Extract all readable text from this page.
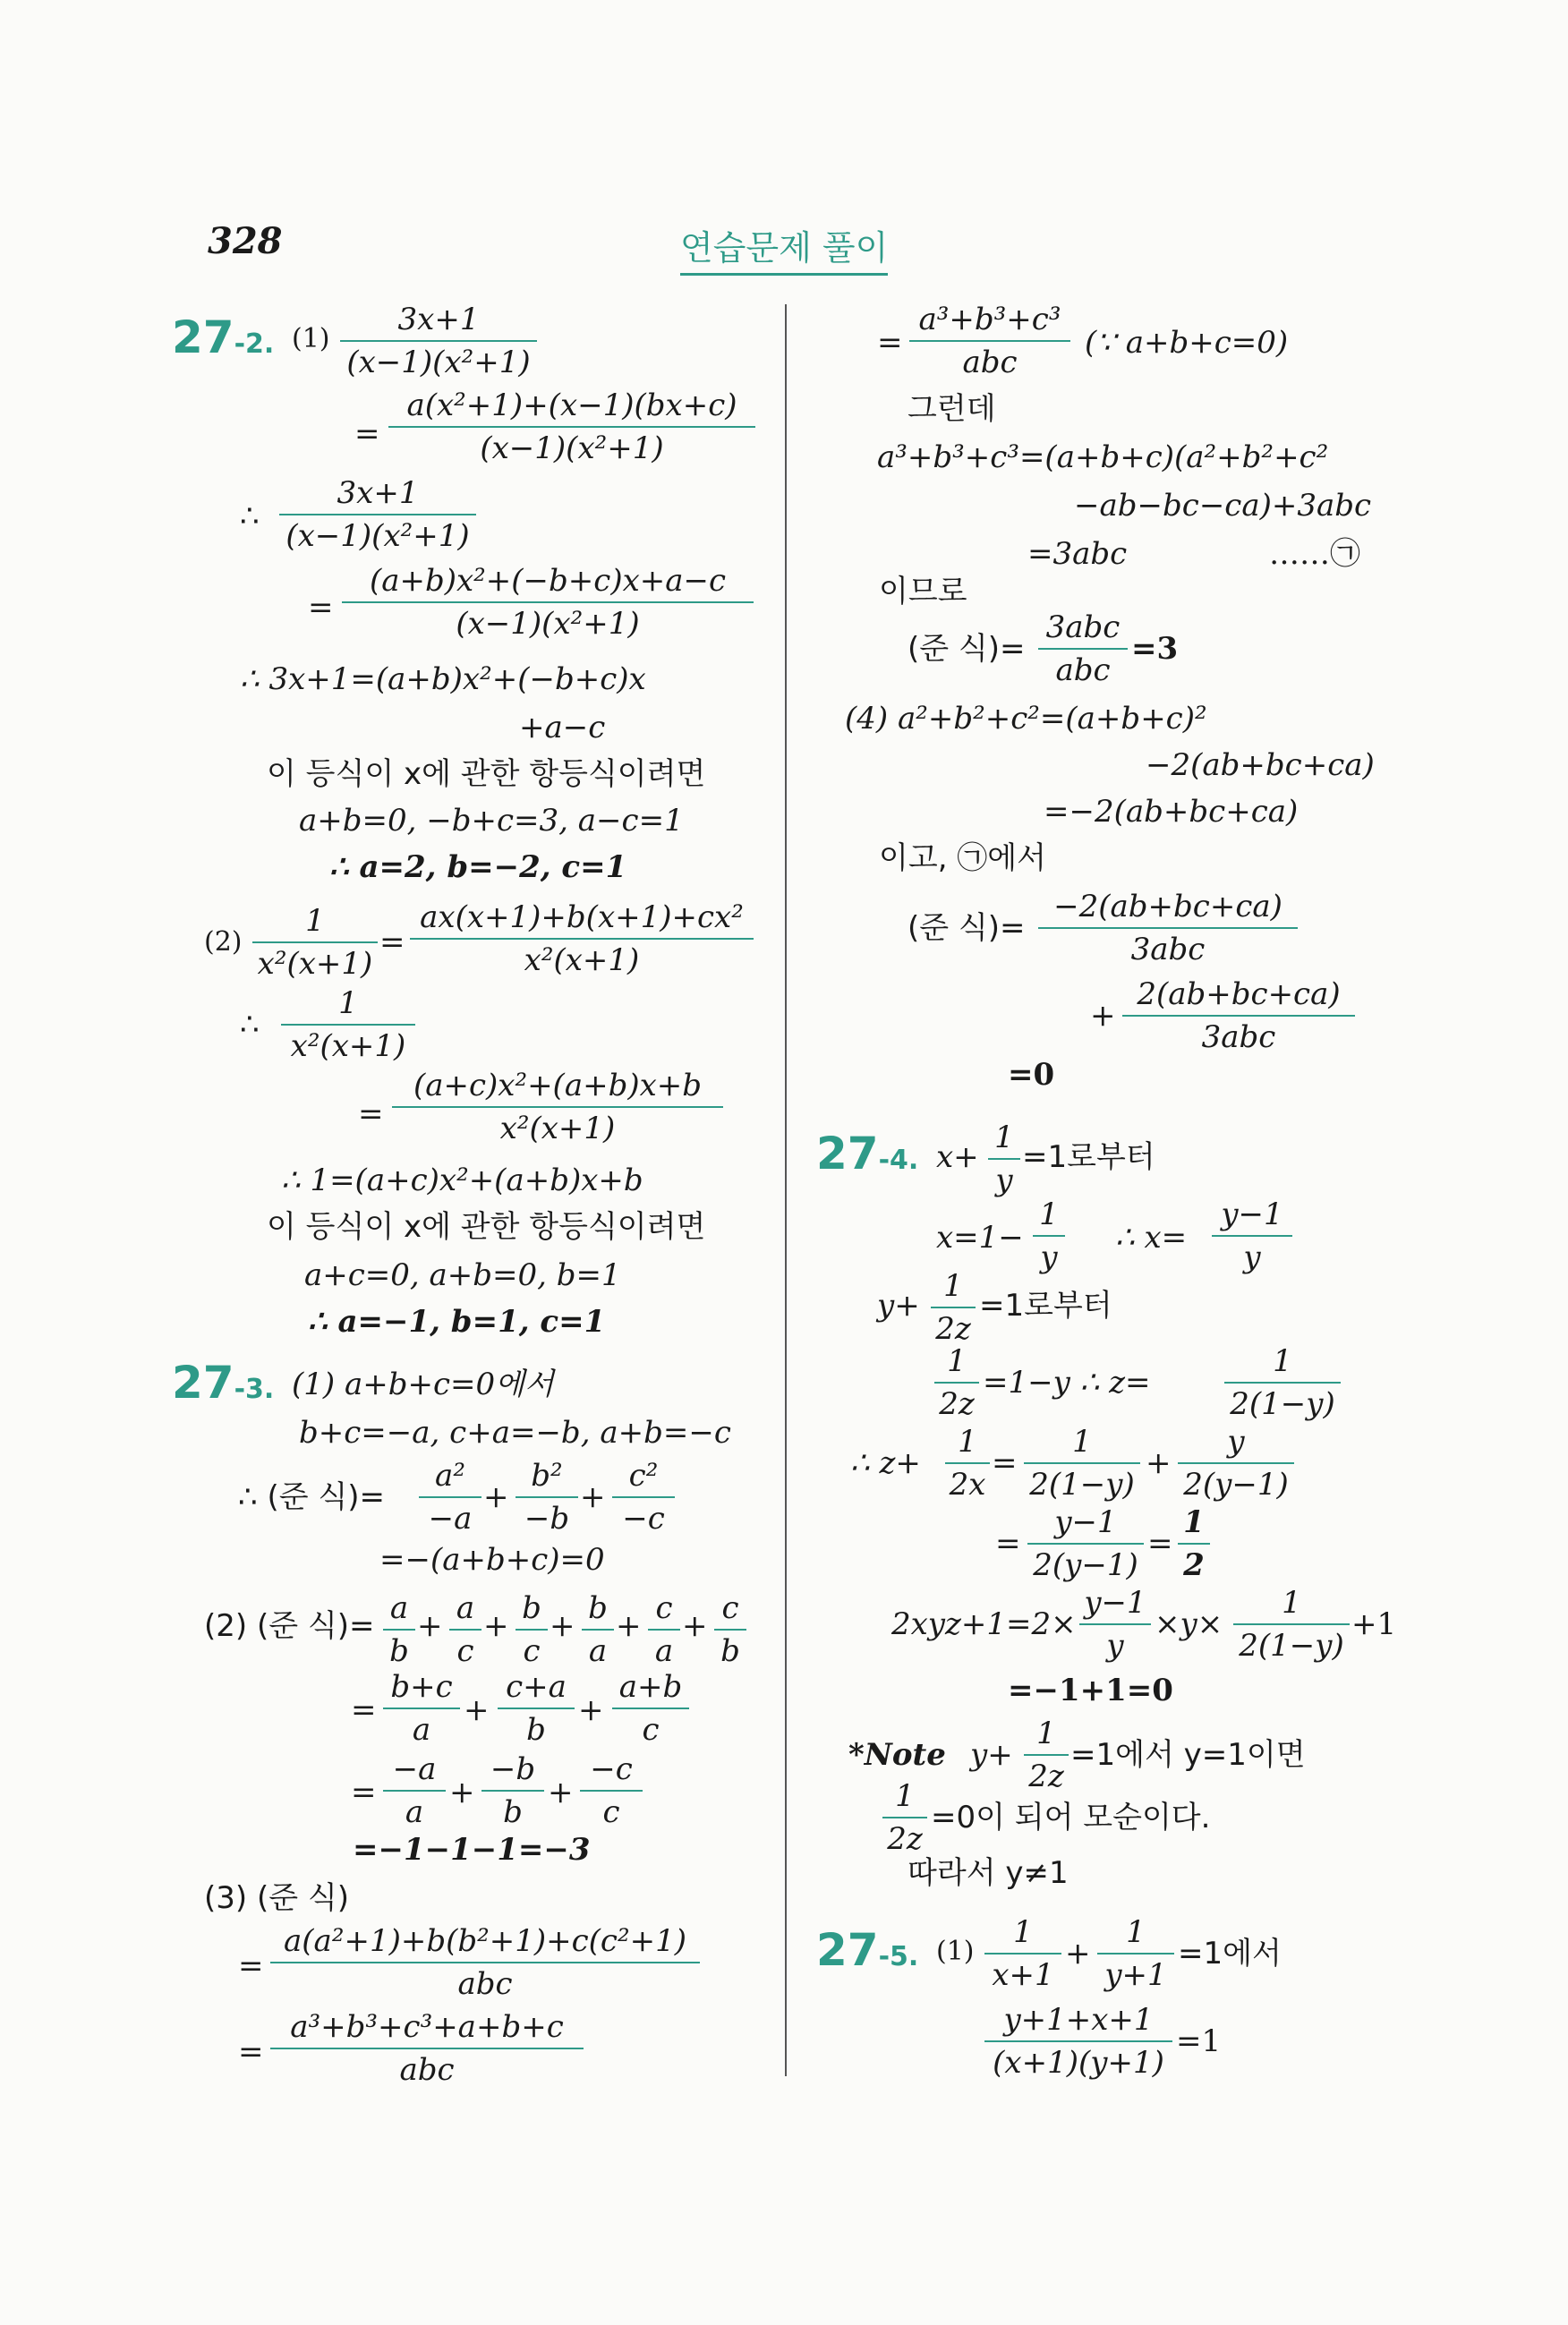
328	연습문제 풀이
27-2. (1)
3x+1
(x−1)(x²+1)
=
a(x²+1)+(x−1)(bx+c)
(x−1)(x²+1)
∴
3x+1
(x−1)(x²+1)
=
(a+b)x²+(−b+c)x+a−c
(x−1)(x²+1)
∴ 3x+1=(a+b)x²+(−b+c)x
+a−c
이 등식이 x에 관한 항등식이려면
a+b=0, −b+c=3, a−c=1
∴ a=2, b=−2, c=1
(2)
1
x²(x+1)
=
ax(x+1)+b(x+1)+cx²
x²(x+1)
∴
1
x²(x+1)
=
(a+c)x²+(a+b)x+b
x²(x+1)
∴ 1=(a+c)x²+(a+b)x+b
이 등식이 x에 관한 항등식이려면
a+c=0, a+b=0, b=1
∴ a=−1, b=1, c=1
27-3. (1) a+b+c=0에서
b+c=−a, c+a=−b, a+b=−c
∴ (준 식)=
a²
−a
+
b²
−b
+
c²
−c
=−(a+b+c)=0
(2) (준 식)= a
b
+ a
c
+ b
c
+ b
a
+ c
a
+ c
b
=
b+c
a
+
c+a
b
+
a+b
c
=
−a
a
+
−b
b
+
−c
c
=−1−1−1=−3
(3) (준 식)
=
a(a²+1)+b(b²+1)+c(c²+1)
abc
=
a³+b³+c³+a+b+c
abc
=
a³+b³+c³
abc
(∵ a+b+c=0)
그런데
a³+b³+c³=(a+b+c)(a²+b²+c²
−ab−bc−ca)+3abc
=3abc	……㉠
이므로
(준 식)=
3abc
abc
=3
(4) a²+b²+c²=(a+b+c)²
−2(ab+bc+ca)
=−2(ab+bc+ca)
이고, ㉠에서
(준 식)=
−2(ab+bc+ca)
3abc
+
2(ab+bc+ca)
3abc
=0
27-4. x+
1
y
=1로부터
x=1−
1
y
∴ x=
y−1
y
y+
1
2z
=1로부터
1
2z
=1−y ∴ z=
1
2(1−y)
∴ z+
1
2x
=
1
2(1−y)
+
y
2(y−1)
=
y−1
2(y−1)
=
1
2
2xyz+1=2×
y−1
y
×y×
1
2(1−y)
+1
=−1+1=0
*Note y+
1
2z
=1에서 y=1이면
1
2z
=0이 되어 모순이다.
따라서 y≠1
27-5. (1)
1
x+1
+
1
y+1
=1에서
y+1+x+1
(x+1)(y+1)
=1
